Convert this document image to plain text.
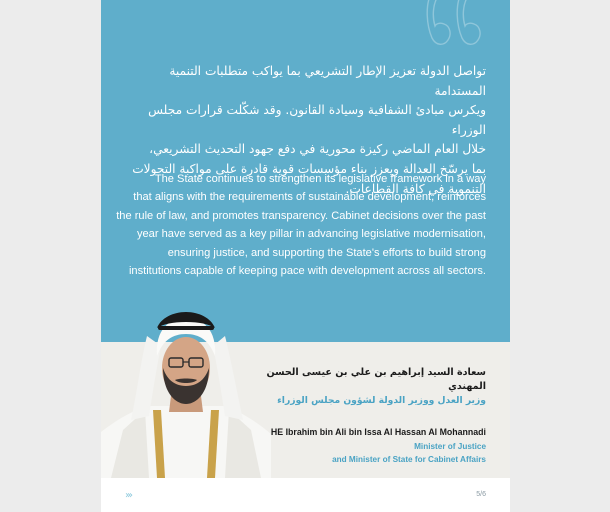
تواصل الدولة تعزيز الإطار التشريعي بما يواكب متطلبات التنمية المستدامة
ويكرس مبادئ الشفافية وسيادة القانون. وقد شكّلت قرارات مجلس الوزراء
خلال العام الماضي ركيزة محورية في دفع جهود التحديث التشريعي،
بما يرسّخ العدالة ويعزز بناء مؤسسات قوية قادرة على مواكبة التحولات
التنموية في كافة القطاعات.
The State continues to strengthen its legislative framework in a way
that aligns with the requirements of sustainable development, reinforces
the rule of law, and promotes transparency. Cabinet decisions over the past
year have served as a key pillar in advancing legislative modernisation,
ensuring justice, and supporting the State's efforts to build strong
institutions capable of keeping pace with development across all sectors.

سعادة السيد إبراهيم بن علي بن عيسى الحسن المهندي

وزير العدل ووزير الدولة لشؤون مجلس الوزراء

HE Ibrahim bin Ali bin Issa Al Hassan Al Mohannadi

Minister of Justice

and Minister of State for Cabinet Affairs

›››	5/6
